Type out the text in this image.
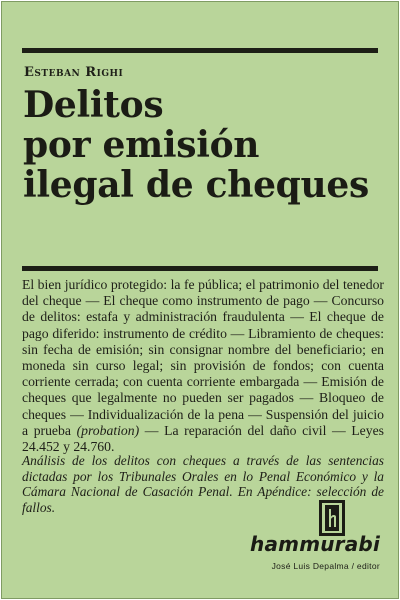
Esteban Righi
Delitos
por emisión
ilegal de cheques
El bien jurídico protegido: la fe pública; el patrimonio del tenedor del cheque — El cheque como instrumento de pago — Concurso de delitos: estafa y administración fraudulenta — El cheque de pago diferido: instrumento de crédito — Libramiento de cheques: sin fecha de emisión; sin consignar nombre del beneficiario; en moneda sin curso legal; sin provisión de fondos; con cuenta corriente cerrada; con cuenta corriente embargada — Emisión de cheques que legalmente no pueden ser pagados — Bloqueo de cheques — Individualización de la pena — Suspensión del juicio a prueba (probation) — La reparación del daño civil — Leyes 24.452 y 24.760.
Análisis de los delitos con cheques a través de las sentencias dictadas por los Tribunales Orales en lo Penal Económico y la Cámara Nacional de Casación Penal. En Apéndice: selección de fallos.
hammurabi
José Luis Depalma / editor
